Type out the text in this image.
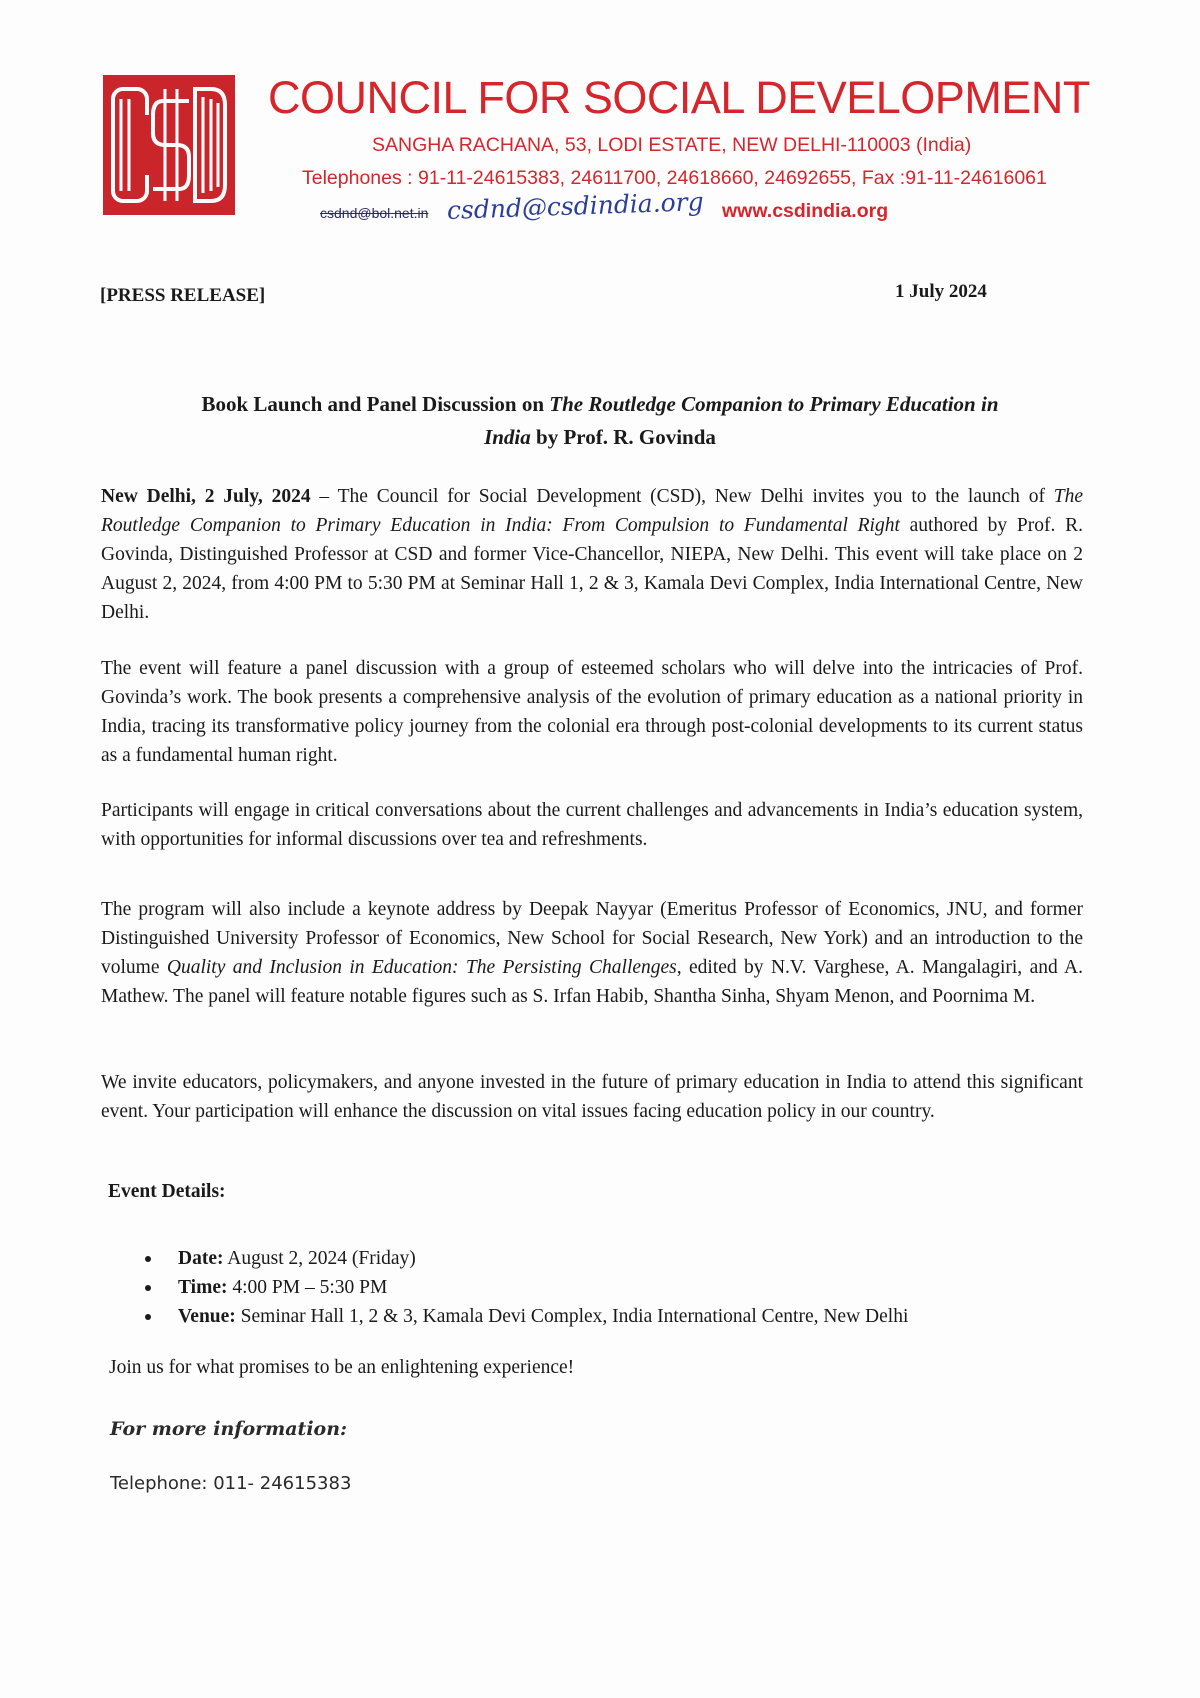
COUNCIL FOR SOCIAL DEVELOPMENT

SANGHA RACHANA, 53, LODI ESTATE, NEW DELHI-110003 (India)

Telephones : 91-11-24615383, 24611700, 24618660, 24692655, Fax :91-11-24616061

csdnd@bol.net.in csdnd@csdindia.org www.csdindia.org

[PRESS RELEASE]	1 July 2024

Book Launch and Panel Discussion on The Routledge Companion to Primary Education in
India by Prof. R. Govinda

New Delhi, 2 July, 2024 – The Council for Social Development (CSD), New Delhi invites you to the launch of The Routledge Companion to Primary Education in India: From Compulsion to Fundamental Right authored by Prof. R. Govinda, Distinguished Professor at CSD and former Vice-Chancellor, NIEPA, New Delhi. This event will take place on 2 August 2, 2024, from 4:00 PM to 5:30 PM at Seminar Hall 1, 2 & 3, Kamala Devi Complex, India International Centre, New Delhi.

The event will feature a panel discussion with a group of esteemed scholars who will delve into the intricacies of Prof. Govinda’s work. The book presents a comprehensive analysis of the evolution of primary education as a national priority in India, tracing its transformative policy journey from the colonial era through post-colonial developments to its current status as a fundamental human right.

Participants will engage in critical conversations about the current challenges and advancements in India’s education system, with opportunities for informal discussions over tea and refreshments.

The program will also include a keynote address by Deepak Nayyar (Emeritus Professor of Economics, JNU, and former Distinguished University Professor of Economics, New School for Social Research, New York) and an introduction to the volume Quality and Inclusion in Education: The Persisting Challenges, edited by N.V. Varghese, A. Mangalagiri, and A. Mathew. The panel will feature notable figures such as S. Irfan Habib, Shantha Sinha, Shyam Menon, and Poornima M.

We invite educators, policymakers, and anyone invested in the future of primary education in India to attend this significant event. Your participation will enhance the discussion on vital issues facing education policy in our country.

Event Details:

Date: August 2, 2024 (Friday)
Time: 4:00 PM – 5:30 PM
Venue: Seminar Hall 1, 2 & 3, Kamala Devi Complex, India International Centre, New Delhi

Join us for what promises to be an enlightening experience!

For more information:

Telephone: 011- 24615383
